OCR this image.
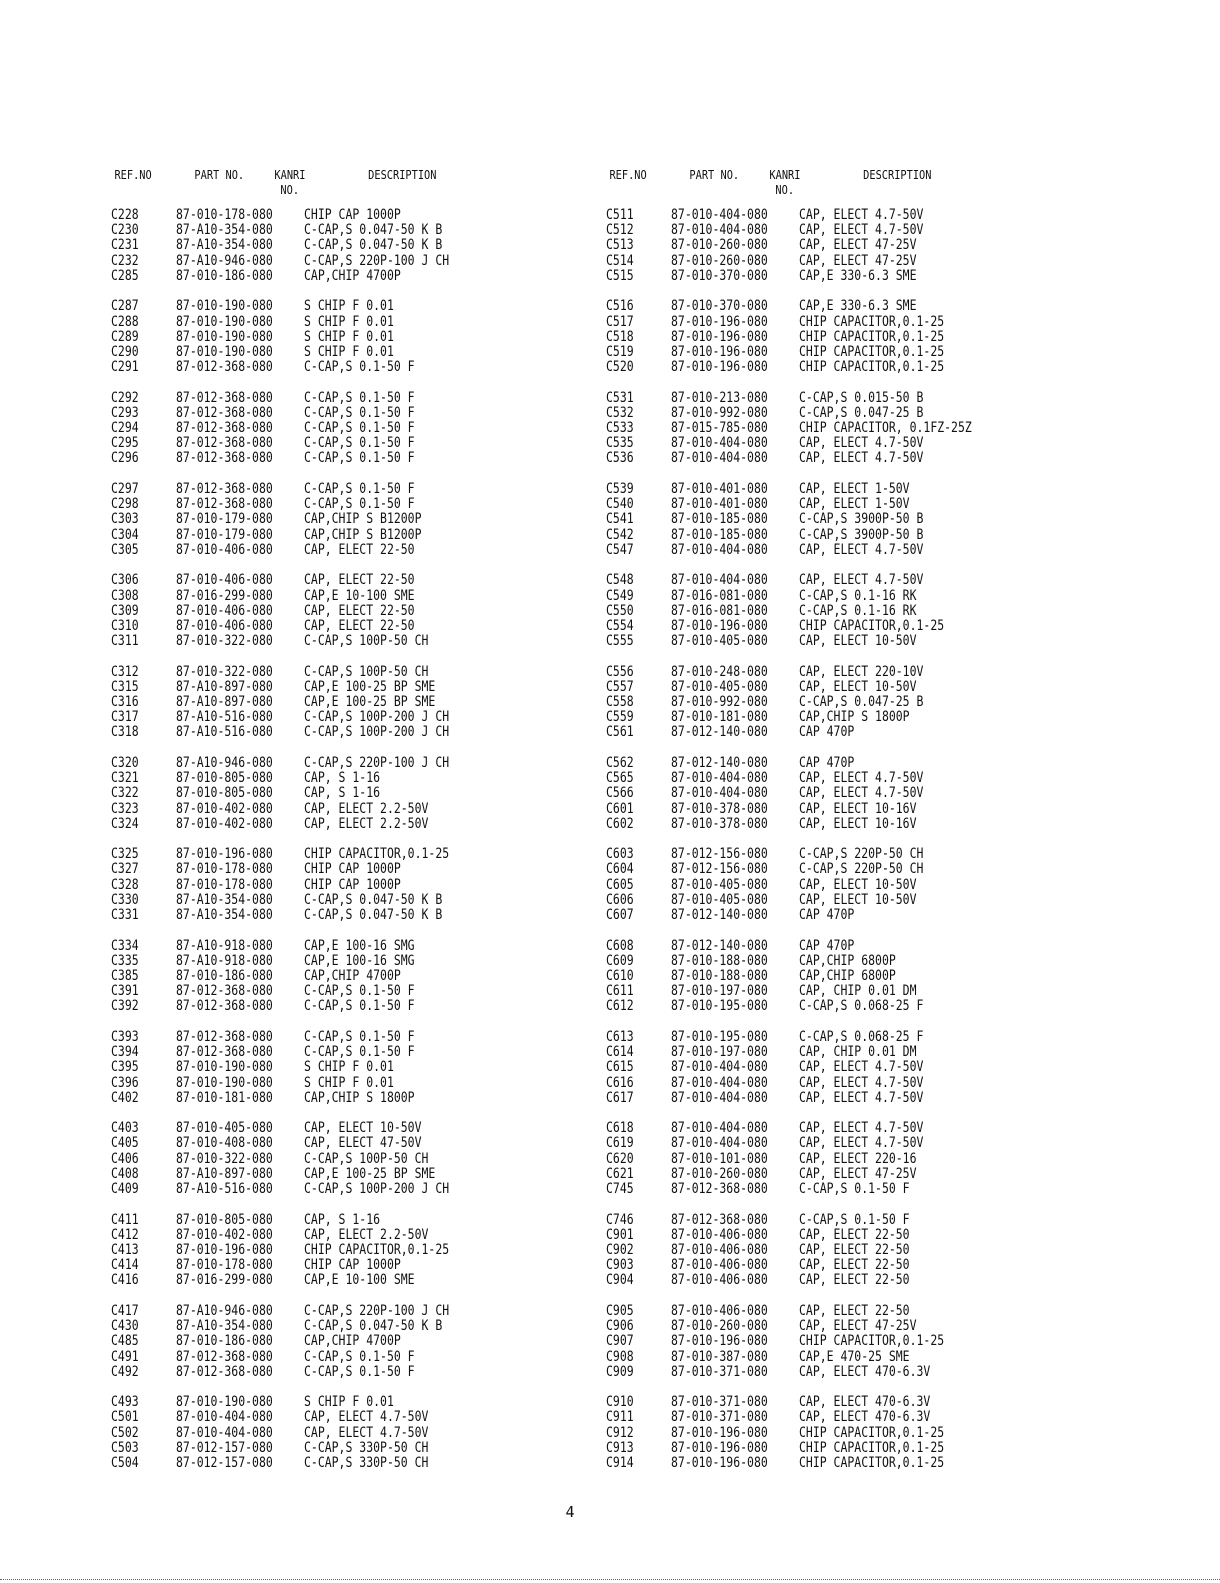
REF.NO	PART NO.	KANRI
NO.
DESCRIPTION
C228	87-010-178-080 CHIP CAP 1000P
C230	87-A10-354-080 C-CAP,S 0.047-50 K B
C231	87-A10-354-080 C-CAP,S 0.047-50 K B
C232	87-A10-946-080 C-CAP,S 220P-100 J CH
C285	87-010-186-080 CAP,CHIP 4700P
C287	87-010-190-080 S CHIP F 0.01
C288	87-010-190-080 S CHIP F 0.01
C289	87-010-190-080 S CHIP F 0.01
C290	87-010-190-080 S CHIP F 0.01
C291	87-012-368-080 C-CAP,S 0.1-50 F
C292	87-012-368-080 C-CAP,S 0.1-50 F
C293	87-012-368-080 C-CAP,S 0.1-50 F
C294	87-012-368-080 C-CAP,S 0.1-50 F
C295	87-012-368-080 C-CAP,S 0.1-50 F
C296	87-012-368-080 C-CAP,S 0.1-50 F
C297	87-012-368-080 C-CAP,S 0.1-50 F
C298	87-012-368-080 C-CAP,S 0.1-50 F
C303	87-010-179-080 CAP,CHIP S B1200P
C304	87-010-179-080 CAP,CHIP S B1200P
C305	87-010-406-080 CAP, ELECT 22-50
C306	87-010-406-080 CAP, ELECT 22-50
C308	87-016-299-080 CAP,E 10-100 SME
C309	87-010-406-080 CAP, ELECT 22-50
C310	87-010-406-080 CAP, ELECT 22-50
C311	87-010-322-080 C-CAP,S 100P-50 CH
C312	87-010-322-080 C-CAP,S 100P-50 CH
C315	87-A10-897-080 CAP,E 100-25 BP SME
C316	87-A10-897-080 CAP,E 100-25 BP SME
C317	87-A10-516-080 C-CAP,S 100P-200 J CH
C318	87-A10-516-080 C-CAP,S 100P-200 J CH
C320	87-A10-946-080 C-CAP,S 220P-100 J CH
C321	87-010-805-080 CAP, S 1-16
C322	87-010-805-080 CAP, S 1-16
C323	87-010-402-080 CAP, ELECT 2.2-50V
C324	87-010-402-080 CAP, ELECT 2.2-50V
C325	87-010-196-080 CHIP CAPACITOR,0.1-25
C327	87-010-178-080 CHIP CAP 1000P
C328	87-010-178-080 CHIP CAP 1000P
C330	87-A10-354-080 C-CAP,S 0.047-50 K B
C331	87-A10-354-080 C-CAP,S 0.047-50 K B
C334	87-A10-918-080 CAP,E 100-16 SMG
C335	87-A10-918-080 CAP,E 100-16 SMG
C385	87-010-186-080 CAP,CHIP 4700P
C391	87-012-368-080 C-CAP,S 0.1-50 F
C392	87-012-368-080 C-CAP,S 0.1-50 F
C393	87-012-368-080 C-CAP,S 0.1-50 F
C394	87-012-368-080 C-CAP,S 0.1-50 F
C395	87-010-190-080 S CHIP F 0.01
C396	87-010-190-080 S CHIP F 0.01
C402	87-010-181-080 CAP,CHIP S 1800P
C403	87-010-405-080 CAP, ELECT 10-50V
C405	87-010-408-080 CAP, ELECT 47-50V
C406	87-010-322-080 C-CAP,S 100P-50 CH
C408	87-A10-897-080 CAP,E 100-25 BP SME
C409	87-A10-516-080 C-CAP,S 100P-200 J CH
C411	87-010-805-080 CAP, S 1-16
C412	87-010-402-080 CAP, ELECT 2.2-50V
C413	87-010-196-080 CHIP CAPACITOR,0.1-25
C414	87-010-178-080 CHIP CAP 1000P
C416	87-016-299-080 CAP,E 10-100 SME
C417	87-A10-946-080 C-CAP,S 220P-100 J CH
C430	87-A10-354-080 C-CAP,S 0.047-50 K B
C485	87-010-186-080 CAP,CHIP 4700P
C491	87-012-368-080 C-CAP,S 0.1-50 F
C492	87-012-368-080 C-CAP,S 0.1-50 F
C493	87-010-190-080 S CHIP F 0.01
C501	87-010-404-080 CAP, ELECT 4.7-50V
C502	87-010-404-080 CAP, ELECT 4.7-50V
C503	87-012-157-080 C-CAP,S 330P-50 CH
C504	87-012-157-080 C-CAP,S 330P-50 CH
REF.NO	PART NO.	KANRI
NO.
DESCRIPTION
C511	87-010-404-080 CAP, ELECT 4.7-50V
C512	87-010-404-080 CAP, ELECT 4.7-50V
C513	87-010-260-080 CAP, ELECT 47-25V
C514	87-010-260-080 CAP, ELECT 47-25V
C515	87-010-370-080 CAP,E 330-6.3 SME
C516	87-010-370-080 CAP,E 330-6.3 SME
C517	87-010-196-080 CHIP CAPACITOR,0.1-25
C518	87-010-196-080 CHIP CAPACITOR,0.1-25
C519	87-010-196-080 CHIP CAPACITOR,0.1-25
C520	87-010-196-080 CHIP CAPACITOR,0.1-25
C531	87-010-213-080 C-CAP,S 0.015-50 B
C532	87-010-992-080 C-CAP,S 0.047-25 B
C533	87-015-785-080 CHIP CAPACITOR, 0.1FZ-25Z
C535	87-010-404-080 CAP, ELECT 4.7-50V
C536	87-010-404-080 CAP, ELECT 4.7-50V
C539	87-010-401-080 CAP, ELECT 1-50V
C540	87-010-401-080 CAP, ELECT 1-50V
C541	87-010-185-080 C-CAP,S 3900P-50 B
C542	87-010-185-080 C-CAP,S 3900P-50 B
C547	87-010-404-080 CAP, ELECT 4.7-50V
C548	87-010-404-080 CAP, ELECT 4.7-50V
C549	87-016-081-080 C-CAP,S 0.1-16 RK
C550	87-016-081-080 C-CAP,S 0.1-16 RK
C554	87-010-196-080 CHIP CAPACITOR,0.1-25
C555	87-010-405-080 CAP, ELECT 10-50V
C556	87-010-248-080 CAP, ELECT 220-10V
C557	87-010-405-080 CAP, ELECT 10-50V
C558	87-010-992-080 C-CAP,S 0.047-25 B
C559	87-010-181-080 CAP,CHIP S 1800P
C561	87-012-140-080 CAP 470P
C562	87-012-140-080 CAP 470P
C565	87-010-404-080 CAP, ELECT 4.7-50V
C566	87-010-404-080 CAP, ELECT 4.7-50V
C601	87-010-378-080 CAP, ELECT 10-16V
C602	87-010-378-080 CAP, ELECT 10-16V
C603	87-012-156-080 C-CAP,S 220P-50 CH
C604	87-012-156-080 C-CAP,S 220P-50 CH
C605	87-010-405-080 CAP, ELECT 10-50V
C606	87-010-405-080 CAP, ELECT 10-50V
C607	87-012-140-080 CAP 470P
C608	87-012-140-080 CAP 470P
C609	87-010-188-080 CAP,CHIP 6800P
C610	87-010-188-080 CAP,CHIP 6800P
C611	87-010-197-080 CAP, CHIP 0.01 DM
C612	87-010-195-080 C-CAP,S 0.068-25 F
C613	87-010-195-080 C-CAP,S 0.068-25 F
C614	87-010-197-080 CAP, CHIP 0.01 DM
C615	87-010-404-080 CAP, ELECT 4.7-50V
C616	87-010-404-080 CAP, ELECT 4.7-50V
C617	87-010-404-080 CAP, ELECT 4.7-50V
C618	87-010-404-080 CAP, ELECT 4.7-50V
C619	87-010-404-080 CAP, ELECT 4.7-50V
C620	87-010-101-080 CAP, ELECT 220-16
C621	87-010-260-080 CAP, ELECT 47-25V
C745	87-012-368-080 C-CAP,S 0.1-50 F
C746	87-012-368-080 C-CAP,S 0.1-50 F
C901	87-010-406-080 CAP, ELECT 22-50
C902	87-010-406-080 CAP, ELECT 22-50
C903	87-010-406-080 CAP, ELECT 22-50
C904	87-010-406-080 CAP, ELECT 22-50
C905	87-010-406-080 CAP, ELECT 22-50
C906	87-010-260-080 CAP, ELECT 47-25V
C907	87-010-196-080 CHIP CAPACITOR,0.1-25
C908	87-010-387-080 CAP,E 470-25 SME
C909	87-010-371-080 CAP, ELECT 470-6.3V
C910	87-010-371-080 CAP, ELECT 470-6.3V
C911	87-010-371-080 CAP, ELECT 470-6.3V
C912	87-010-196-080 CHIP CAPACITOR,0.1-25
C913	87-010-196-080 CHIP CAPACITOR,0.1-25
C914	87-010-196-080 CHIP CAPACITOR,0.1-25
4
